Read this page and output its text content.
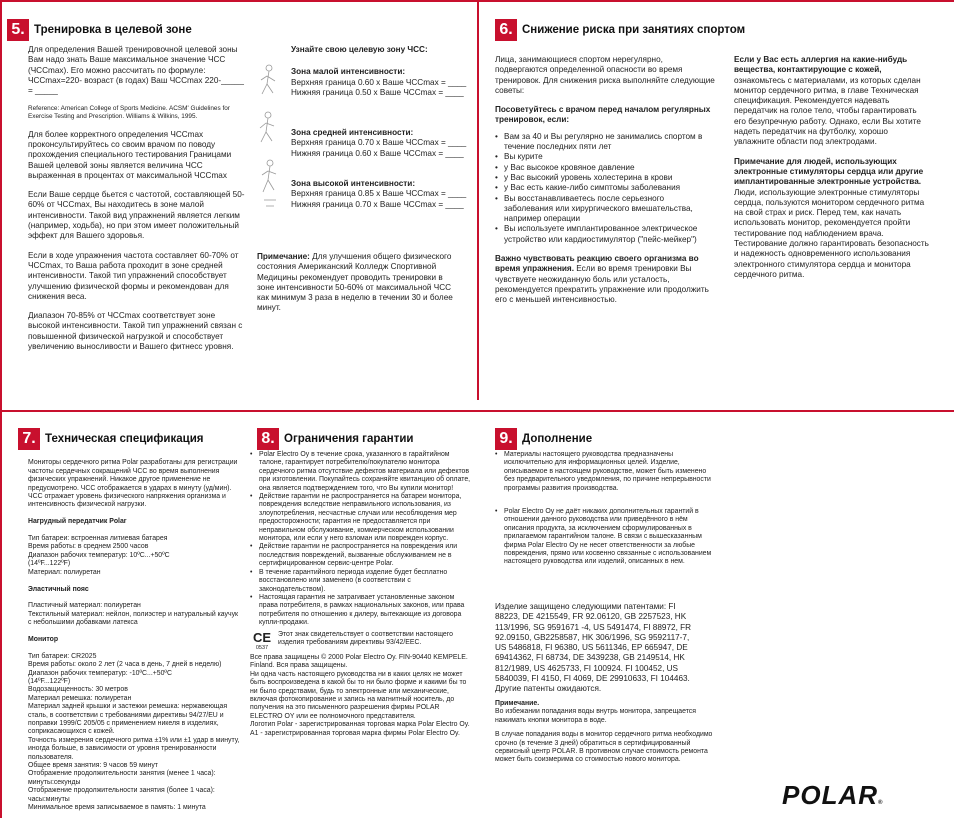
5. Тренировка в целевой зоне

Для определения Вашей тренировочной целевой зоны Вам надо знать Ваше максимальное значение ЧСС (ЧССmax). Его можно рассчитать по формуле: ЧССmax=220- возраст (в годах) Ваш ЧССmax 220-_____ = _____

Reference: American College of Sports Medicine. ACSM' Guidelines for Exercise Testing and Prescription. Williams & Wilkins, 1995.

Для более корректного определения ЧССmax проконсультируйтесь со своим врачом по поводу прохождения специального тестирования Границами Вашей целевой зоны является величина ЧСС выраженная в процентах от максимальной ЧССmax

Если Ваше сердце бьется с частотой, составляющей 50-60% от ЧССmax, Вы находитесь в зоне малой интенсивности. Такой вид упражнений является легким (например, ходьба), но при этом имеет положительный эффект для Вашего здоровья.

Если в ходе упражнения частота составляет 60-70% от ЧССmax, то Ваша работа проходит в зоне средней интенсивности. Такой тип упражнений способствует улучшению физической формы и рекомендован для снижения веса.

Диапазон 70-85% от ЧССmax соответствует зоне высокой интенсивности. Такой тип упражнений связан с повышенной физической нагрузкой и способствует увеличению выносливости и Вашего фитнесс уровня.

Узнайте свою целевую зону ЧСС:

Зона малой интенсивности:
Верхняя граница 0.60 x Ваше ЧССmax = ____
Нижняя граница 0.50 x Ваше ЧССmax = ____
Зона средней интенсивности:
Верхняя граница 0.70 x Ваше ЧССmax = ____
Нижняя граница 0.60 x Ваше ЧССmax = ____
Зона высокой интенсивности:
Верхняя граница 0.85 x Ваше ЧССmax = ____
Нижняя граница 0.70 x Ваше ЧССmax = ____
Примечание: Для улучшения общего физического состояния Американский Колледж Спортивной Медицины рекомендует проводить тренировки в зоне интенсивности 50-60% от максимальной ЧСС как минимум 3 раза в неделю в течении 30 и более минут.
6. Снижение риска при занятиях спортом

Лица, занимающиеся спортом нерегулярно, подвергаются определенной опасности во время тренировок. Для снижения риска выполняйте следующие советы:

Посоветуйтесь с врачом перед началом регулярных тренировок, если:

• Вам за 40 и Вы регулярно не занимались спортом в течение последних пяти лет
• Вы курите
• у Вас высокое кровяное давление
• у Вас высокий уровень холестерина в крови
• у Вас есть какие-либо симптомы заболевания
• Вы восстанавливаетесь после серьезного заболевания или хирургического вмешательства, например операции
• Вы используете имплантированное электрическое устройство или кардиостимулятор ("пейс-мейкер")

Важно чувствовать реакцию своего организма во время упражнения. Если во время тренировки Вы чувствуете неожиданную боль или усталость, рекомендуется прекратить упражнение или продолжить его с меньшей интенсивностью.

Если у Вас есть аллергия на какие-нибудь вещества, контактирующие с кожей, ознакомьтесь с материалами, из которых сделан монитор сердечного ритма, в главе Техническая спецификация. Рекомендуется надевать передатчик на голое тело, чтобы гарантировать его безупречную работу. Однако, если Вы хотите надеть передатчик на футболку, хорошо увлажните области под электродами.

Примечание для людей, использующих электронные стимуляторы сердца или другие имплантированные электронные устройства. Люди, использующие электронные стимуляторы сердца, пользуются монитором сердечного ритма на свой страх и риск. Перед тем, как начать использовать монитор, рекомендуется пройти тестирование под наблюдением врача. Тестирование должно гарантировать безопасность и надежность одновременного использования электронного стимулятора сердца и монитора сердечного ритма.

7. Техническая спецификация

Мониторы сердечного ритма Polar разработаны для регистрации частоты сердечных сокращений ЧСС во время выполнения физических упражнений. Никакое другое применение не предусмотрено. ЧСС отображается в ударах в минуту (уд/мин). ЧСС отражает уровень физического напряжения организма и интенсивность физической нагрузки.

Нагрудный передатчик Polar

Тип батареи: встроенная литиевая батарея
Время работы: в среднем 2500 часов
Диапазон рабочих температур: 10ºC...+50ºC
(14ºF...122ºF)
Материал: полиуретан

Эластичный пояс

Пластичный материал: полиуретан
Текстильный материал: нейлон, полиэстер и натуральный каучук с небольшими добавками латекса

Монитор

Тип батареи: CR2025
Время работы: около 2 лет (2 часа в день, 7 дней в неделю)
Диапазон рабочих температур: -10ºC...+50ºC
(14ºF...122ºF)
Водозащищенность: 30 метров
Материал ремешка: полиуретан
Материал задней крышки и застежки ремешка: нержавеющая сталь, в соответствии с требованиями директивы 94/27/EU и поправки 1999/С 205/05 с применением никеля в изделиях, соприкасающихся с кожей.
Точность измерения сердечного ритма ±1% или ±1 удар в минуту, иногда больше, в зависимости от уровня тренированности пользователя.
Общее время занятия: 9 часов 59 минут
Отображение продолжительности занятия (менее 1 часа): минуты:секунды
Отображение продолжительности занятия (более 1 часа): часы:минуты
Минимальное время записываемое в память: 1 минута

8. Ограничения гарантии
• Polar Electro Oy в течение срока, указанного в гарайтийном талоне, гарантирует потребителю/покупателю монитора сердечного ритма отсутствие дефектов материала или дефектов при изготовлении. Покупайтесь сохраняйте квитанцию об оплате, она является подтверждением того, что Вы купили монитор!
• Действие гарантии не распространяется на батареи монитора, повреждения вследствие неправильного использования, из злоупотребления, несчастные случаи или несоблюдения мер предосторожности; гарантия не предоставляется при неправильном обслуживание, коммерческом использовании монитора, или если у него взломан или поврежден корпус.
• Действие гарантии не распространяется на повреждения или последствия повреждений, вызванные обслуживанием не в сертифицированном сервис-центре Polar.
• В течение гарантийного периода изделие будет бесплатно восстановлено или заменено (в соответствии с законодательством).
• Настоящая гарантия не затрагивает установленные законом права потребителя, в рамках национальных законов, или права потребителя по отношению к дилеру, вытекающие из договора купли-продажи.
CE
0537
Этот знак свидетельствует о соответствии настоящего изделия требованиям директивы 93/42/EEC.
Все права защищены © 2000 Polar Electro Oy. FIN-90440 KEMPELE. Finland. Вся права защищены.
Ни одна часть настоящего руководства ни в каких целях не может быть воспроизведена в какой бы то ни было форме и какими бы то ни было средствами, будь то электронные или механические, включая фотокопирование и запись на магнитный носитель, до получения на это письменного разрешения фирмы POLAR ELECTRO OY или ее полномочного представителя.
Логотип Polar - зарегистрированная торговая марка Polar Electro Oy. A1 - зарегистрированная торговая марка фирмы Polar Electro Oy.
9. Дополнение
• Материалы настоящего руководства предназначены исключительно для информационных целей. Изделие, описываемое в настоящем руководстве, может быть изменено без предварительного уведомления, по причине непрерывности программы развития производства.
• Polar Electro Oy не даёт никаких дополнительных гарантий в отношении данного руководства или приведённого в нём описания продукта, за исключением сформулированных в прилагаемом гарантийном талоне. В связи с вышесказанным фирма Polar Electro Oy не несет ответственности за любые повреждения, прямо или косвенно связанные с использованием настоящего руководства или изделий, описанных в нем.
Изделие защищено следующими патентами: FI 88223, DE 4215549, FR 92.06120, GB 2257523, HK 113/1996, SG 9591671 -4, US 5491474, FI 88972, FR 92.09150, GB2258587, HK 306/1996, SG 9592117-7, US 5486818, FI 96380, US 5611346, EP 665947, DE 69414362, FI 68734, DE 3439238, GB 2149514, HK 812/1989, US 4625733, FI 100924. FI 100452, US 5840039, FI 4150, FI 4069, DE 29910633, FI 104463. Другие патенты ожидаются.
Примечание.

Во избежании попадания воды внутрь монитора, запрещается нажимать кнопки монитора в воде.

В случае попадания воды в монитор сердечного ритма необходимо срочно (в течение 3 дней) обратиться в сертифицированный сервисный центр POLAR. В противном случае стоимость ремонта может быть соизмерима со стоимостью нового монитора.

POLAR®
